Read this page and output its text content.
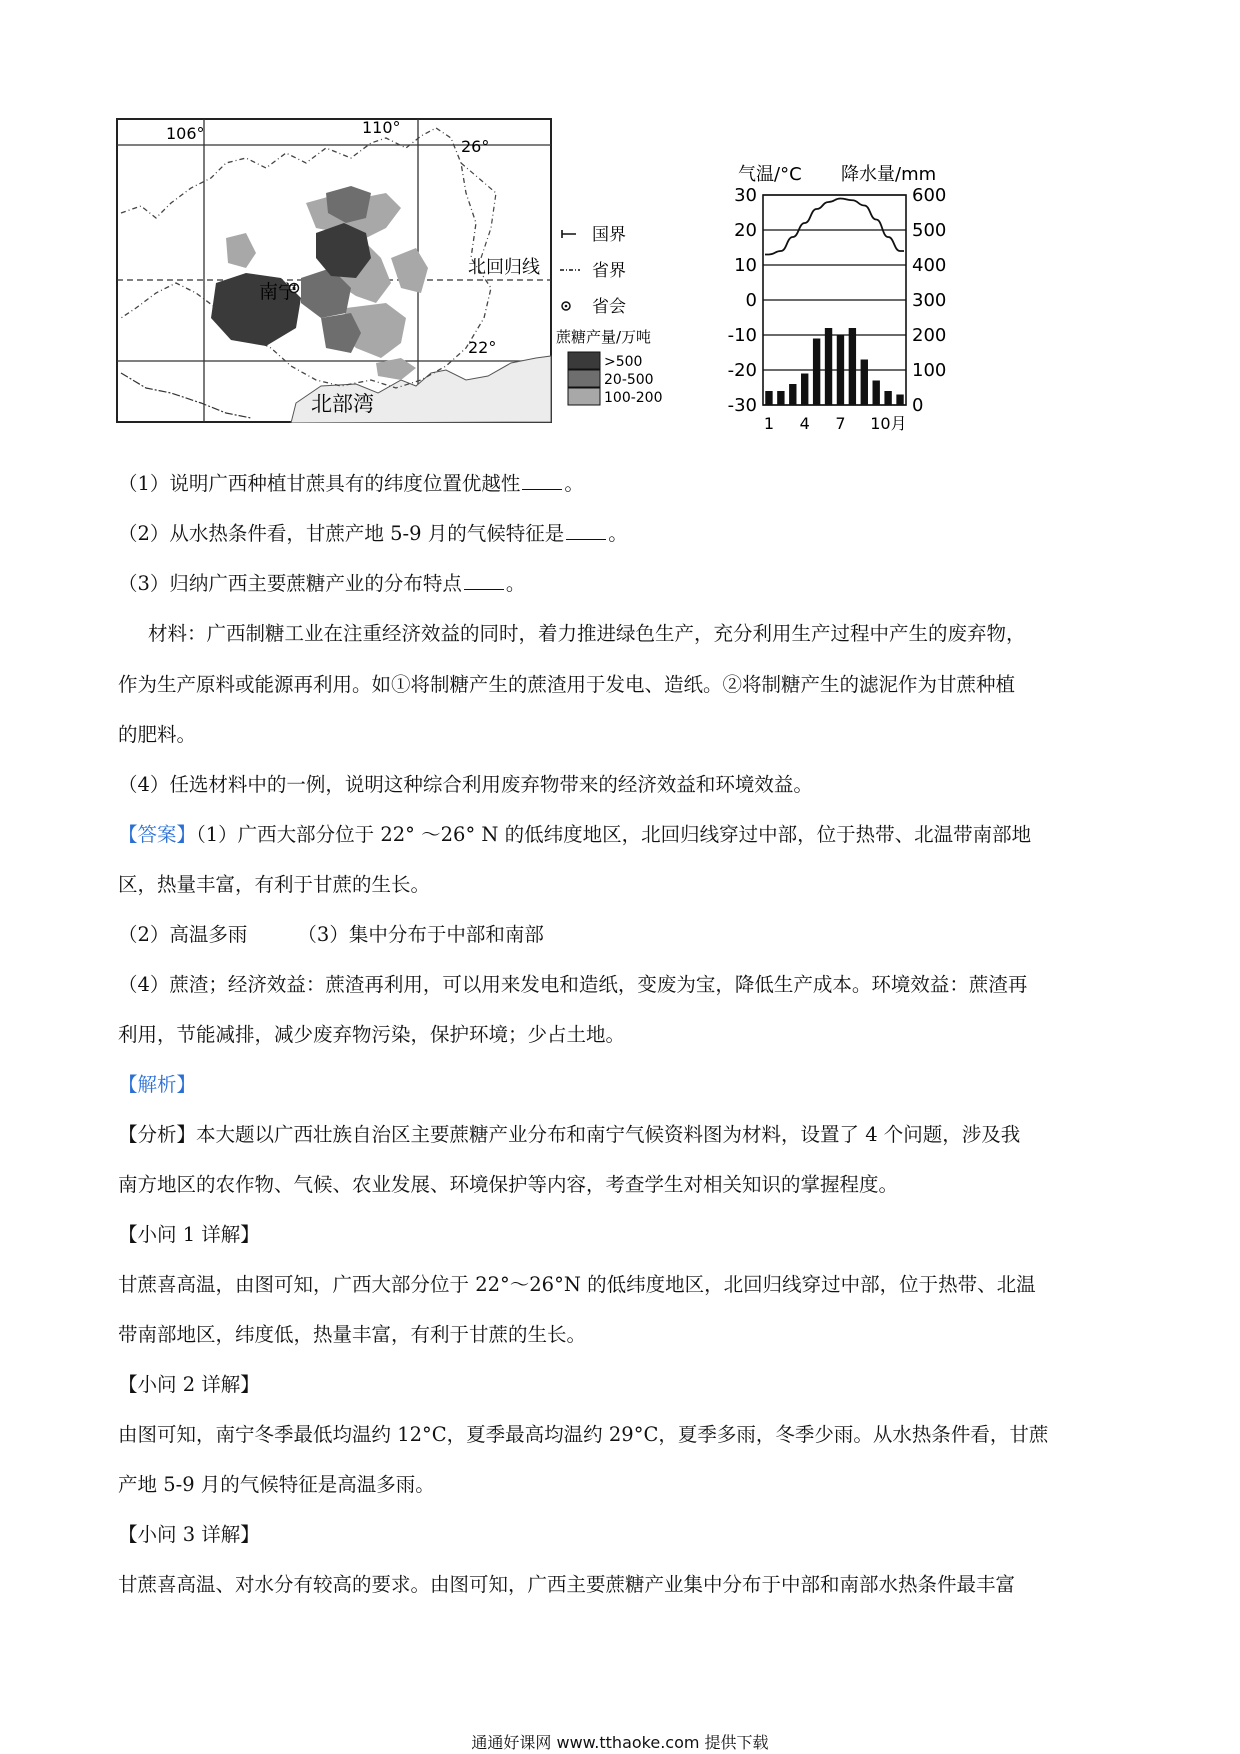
106°	110°
26°
22°
北回归线
南宁
北部湾
国界
省界
省会
蔗糖产量/万吨
>500
20-500
100-200
气温/°C 降水量/mm
30	600
20	500
10	400
0	300
-10	200
-20	100
-30	0
1 4 7 10月
（1）说明广西种植甘蔗具有的纬度位置优越性 。
（2）从水热条件看，甘蔗产地 5-9 月的气候特征是 。
（3）归纳广西主要蔗糖产业的分布特点 。
材料：广西制糖工业在注重经济效益的同时，着力推进绿色生产，充分利用生产过程中产生的废弃物，
作为生产原料或能源再利用。如①将制糖产生的蔗渣用于发电、造纸。②将制糖产生的滤泥作为甘蔗种植
的肥料。
（4）任选材料中的一例，说明这种综合利用废弃物带来的经济效益和环境效益。
【答案】（1）广西大部分位于 22° ～26° N 的低纬度地区，北回归线穿过中部，位于热带、北温带南部地
区，热量丰富，有利于甘蔗的生长。
（2）高温多雨	（3）集中分布于中部和南部
（4）蔗渣；经济效益：蔗渣再利用，可以用来发电和造纸，变废为宝，降低生产成本。环境效益：蔗渣再
利用，节能减排，减少废弃物污染，保护环境；少占土地。
【解析】
【分析】本大题以广西壮族自治区主要蔗糖产业分布和南宁气候资料图为材料，设置了 4 个问题，涉及我
南方地区的农作物、气候、农业发展、环境保护等内容，考查学生对相关知识的掌握程度。
【小问 1 详解】
甘蔗喜高温，由图可知，广西大部分位于 22°～26°N 的低纬度地区，北回归线穿过中部，位于热带、北温
带南部地区，纬度低，热量丰富，有利于甘蔗的生长。
【小问 2 详解】
由图可知，南宁冬季最低均温约 12°C，夏季最高均温约 29°C，夏季多雨，冬季少雨。从水热条件看，甘蔗
产地 5-9 月的气候特征是高温多雨。
【小问 3 详解】
甘蔗喜高温、对水分有较高的要求。由图可知，广西主要蔗糖产业集中分布于中部和南部水热条件最丰富
通通好课网 www.tthaoke.com 提供下载
